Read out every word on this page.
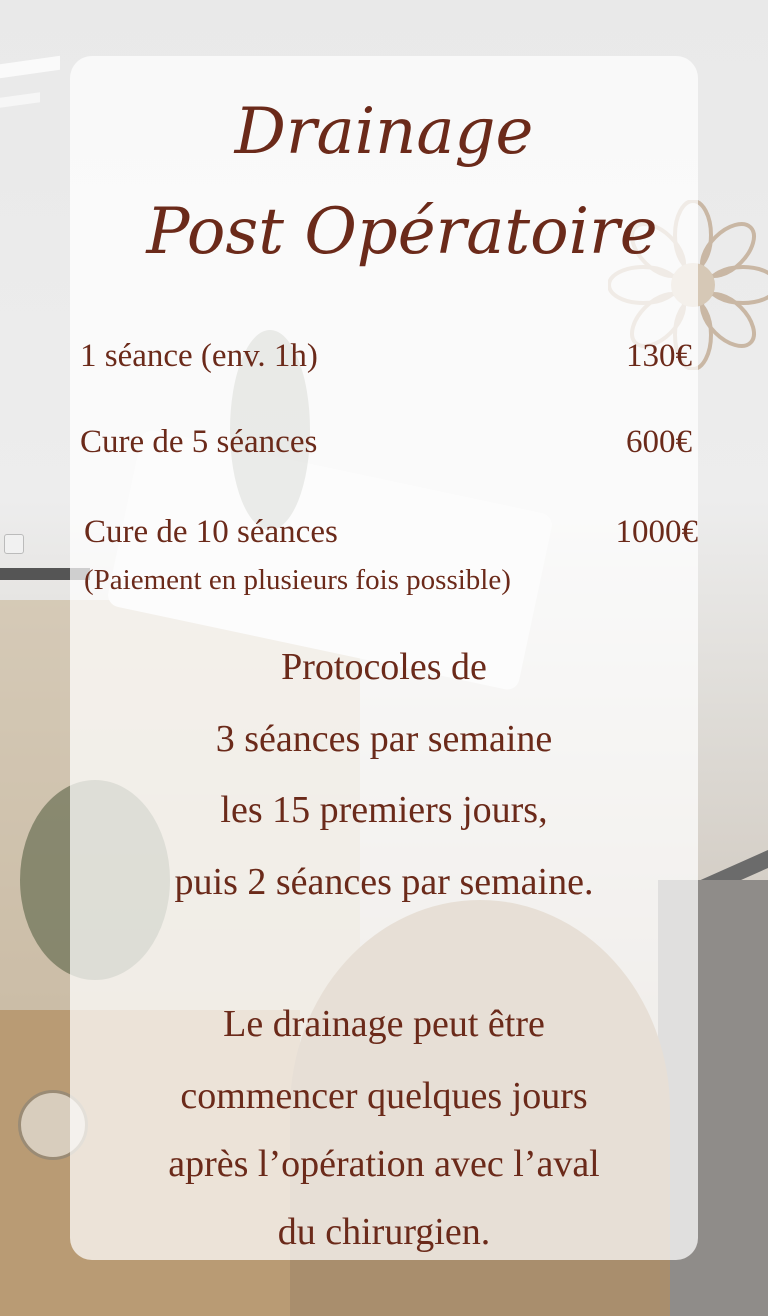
Drainage
Post Opératoire
1 séance (env. 1h)	130€
Cure de 5 séances	600€
Cure de 10 séances	1000€
(Paiement en plusieurs fois possible)
Protocoles de
3 séances par semaine
les 15 premiers jours,
puis 2 séances par semaine.
Le drainage peut être
commencer quelques jours
après l’opération avec l’aval
du chirurgien.
